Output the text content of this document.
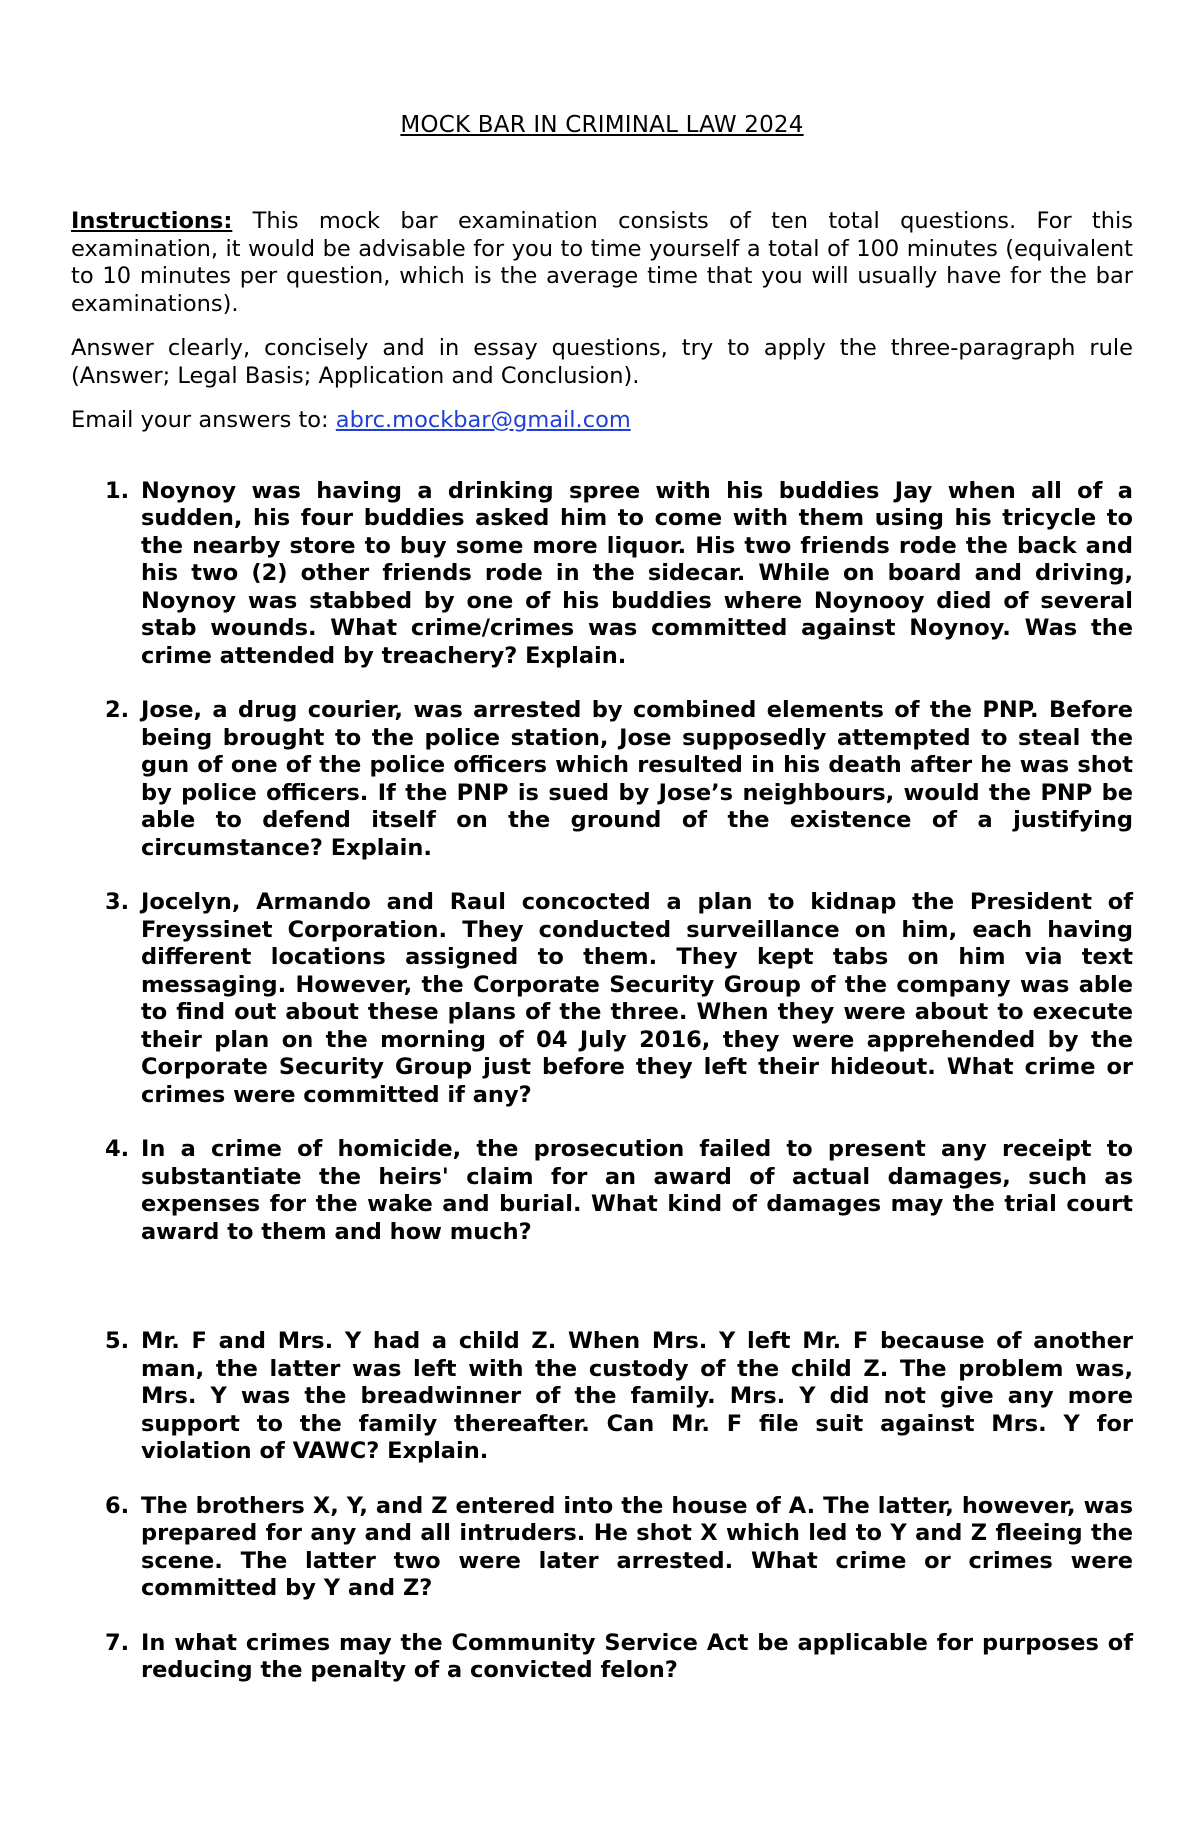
MOCK BAR IN CRIMINAL LAW 2024

Instructions: This mock bar examination consists of ten total questions. For this examination, it would be advisable for you to time yourself a total of 100 minutes (equivalent to 10 minutes per question, which is the average time that you will usually have for the bar examinations).

Answer clearly, concisely and in essay questions, try to apply the three-paragraph rule (Answer; Legal Basis; Application and Conclusion).

Email your answers to: abrc.mockbar@gmail.com

1. Noynoy was having a drinking spree with his buddies Jay when all of a sudden, his four buddies asked him to come with them using his tricycle to the nearby store to buy some more liquor. His two friends rode the back and his two (2) other friends rode in the sidecar. While on board and driving, Noynoy was stabbed by one of his buddies where Noynooy died of several stab wounds. What crime/crimes was committed against Noynoy. Was the crime attended by treachery? Explain.
2. Jose, a drug courier, was arrested by combined elements of the PNP. Before being brought to the police station, Jose supposedly attempted to steal the gun of one of the police officers which resulted in his death after he was shot by police officers. If the PNP is sued by Jose’s neighbours, would the PNP be able to defend itself on the ground of the existence of a justifying circumstance? Explain.
3. Jocelyn, Armando and Raul concocted a plan to kidnap the President of Freyssinet Corporation. They conducted surveillance on him, each having different locations assigned to them. They kept tabs on him via text messaging. However, the Corporate Security Group of the company was able to find out about these plans of the three. When they were about to execute their plan on the morning of 04 July 2016, they were apprehended by the Corporate Security Group just before they left their hideout. What crime or crimes were committed if any?
4. In a crime of homicide, the prosecution failed to present any receipt to substantiate the heirs' claim for an award of actual damages, such as expenses for the wake and burial. What kind of damages may the trial court award to them and how much?
5. Mr. F and Mrs. Y had a child Z. When Mrs. Y left Mr. F because of another man, the latter was left with the custody of the child Z. The problem was, Mrs. Y was the breadwinner of the family. Mrs. Y did not give any more support to the family thereafter. Can Mr. F file suit against Mrs. Y for violation of VAWC? Explain.
6. The brothers X, Y, and Z entered into the house of A. The latter, however, was prepared for any and all intruders. He shot X which led to Y and Z fleeing the scene. The latter two were later arrested. What crime or crimes were committed by Y and Z?
7. In what crimes may the Community Service Act be applicable for purposes of reducing the penalty of a convicted felon?
